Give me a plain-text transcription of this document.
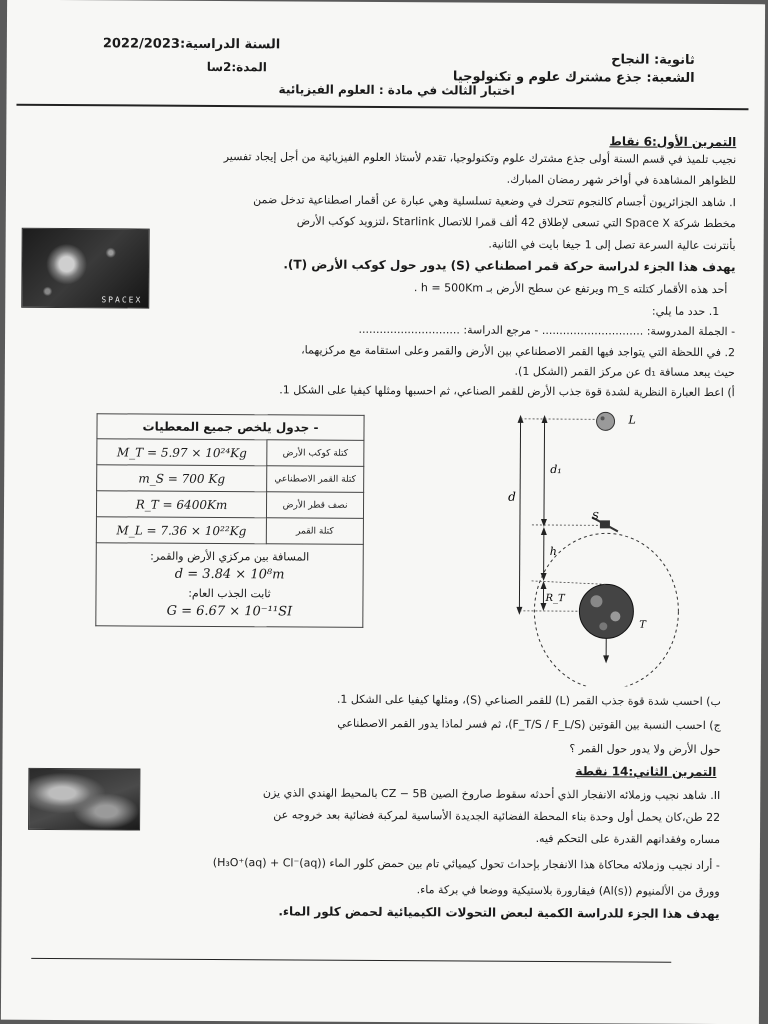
ثانوية: النجاح
الشعبة: جذع مشترك علوم و تكنولوجيا
السنة الدراسية:2022/2023
المدة:2سا
اختبار الثالث في مادة : العلوم الفيزيائية
التمرين الأول:6 نقاط
نجيب تلميذ في قسم السنة أولى جذع مشترك علوم وتكنولوجيا، تقدم لأستاذ العلوم الفيزيائية من أجل إيجاد تفسير
للظواهر المشاهدة في أواخر شهر رمضان المبارك.
I. شاهد الجزائريون أجسام كالنجوم تتحرك في وضعية تسلسلية وهي عبارة عن أقمار اصطناعية تدخل ضمن
مخطط شركة Space X التي تسعى لإطلاق 42 ألف قمرا للاتصال Starlink ،لتزويد كوكب الأرض
بأنترنت عالية السرعة تصل إلى 1 جيغا بايت في الثانية.
SPACEX
يهدف هذا الجزء لدراسة حركة قمر اصطناعي (S) يدور حول كوكب الأرض (T).
أحد هذه الأقمار كتلته m_s ويرتفع عن سطح الأرض بـ h = 500Km .
1. حدد ما يلي:
- الجملة المدروسة: ............................. - مرجع الدراسة: .............................
2. في اللحظة التي يتواجد فيها القمر الاصطناعي بين الأرض والقمر وعلى استقامة مع مركزيهما،
حيث يبعد مسافة d₁ عن مركز القمر (الشكل 1).
أ) اعط العبارة النظرية لشدة قوة جذب الأرض للقمر الصناعي، ثم احسبها ومثلها كيفيا على الشكل 1.
- جدول يلخص جميع المعطيات	
كتلة كوكب الأرض	M_T = 5.97 × 10²⁴Kg
كتلة القمر الاصطناعي	m_S = 700 Kg
نصف قطر الأرض	R_T = 6400Km
كتلة القمر	M_L = 7.36 × 10²²Kg

المسافة بين مركزي الأرض والقمر:
d = 3.84 × 10⁸m
ثابت الجذب العام:
G = 6.67 × 10⁻¹¹SI	
L
T
S
d
d₁
h
R_T
ب) احسب شدة قوة جذب القمر (L) للقمر الصناعي (S)، ومثلها كيفيا على الشكل 1.
ج) احسب النسبة بين القوتين (F_T/S / F_L/S)، ثم فسر لماذا يدور القمر الاصطناعي
حول الأرض ولا يدور حول القمر ؟
التمرين الثاني:14 نقطة
II. شاهد نجيب وزملائه الانفجار الذي أحدثه سقوط صاروخ الصين CZ − 5B بالمحيط الهندي الذي يزن
22 طن،كان يحمل أول وحدة بناء المحطة الفضائية الجديدة الأساسية لمركبة فضائية بعد خروجه عن
مساره وفقدانهم القدرة على التحكم فيه.
- أراد نجيب وزملائه محاكاة هذا الانفجار بإحداث تحول كيميائي تام بين حمض كلور الماء (H₃O⁺(aq) + Cl⁻(aq))
وورق من الألمنيوم (Al(s)) فيقارورة بلاستيكية ووضعا في بركة ماء.
يهدف هذا الجزء للدراسة الكمية لبعض التحولات الكيميائية لحمض كلور الماء.
